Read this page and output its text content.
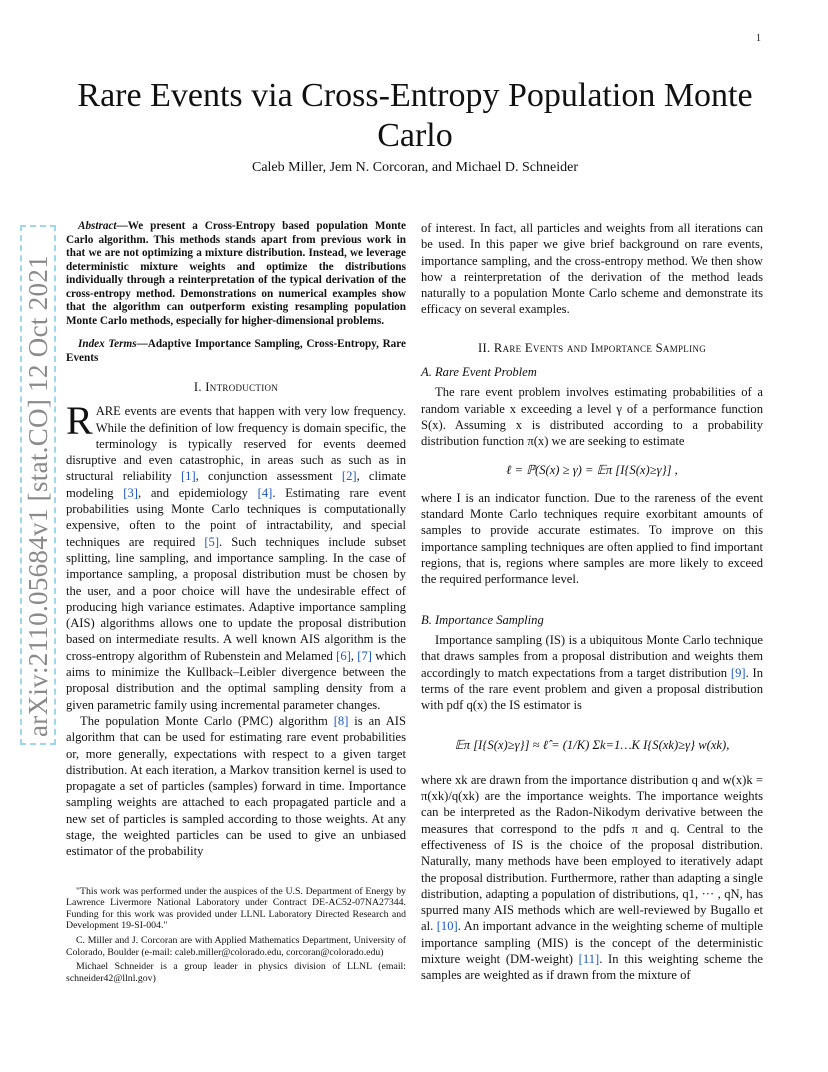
1
arXiv:2110.05684v1 [stat.CO] 12 Oct 2021
Rare Events via Cross-Entropy Population Monte Carlo
Caleb Miller, Jem N. Corcoran, and Michael D. Schneider

Abstract—We present a Cross-Entropy based population Monte Carlo algorithm. This methods stands apart from previous work in that we are not optimizing a mixture distribution. Instead, we leverage deterministic mixture weights and optimize the distributions individually through a reinterpretation of the typical derivation of the cross-entropy method. Demonstrations on numerical examples show that the algorithm can outperform existing resampling population Monte Carlo methods, especially for higher-dimensional problems.

Index Terms—Adaptive Importance Sampling, Cross-Entropy, Rare Events

I. Introduction

RARE events are events that happen with very low frequency. While the definition of low frequency is domain specific, the terminology is typically reserved for events deemed disruptive and even catastrophic, in areas such as such as in structural reliability [1], conjunction assessment [2], climate modeling [3], and epidemiology [4]. Estimating rare event probabilities using Monte Carlo techniques is computationally expensive, often to the point of intractability, and special techniques are required [5]. Such techniques include subset splitting, line sampling, and importance sampling. In the case of importance sampling, a proposal distribution must be chosen by the user, and a poor choice will have the undesirable effect of producing high variance estimates. Adaptive importance sampling (AIS) algorithms allows one to update the proposal distribution based on intermediate results. A well known AIS algorithm is the cross-entropy algorithm of Rubenstein and Melamed [6], [7] which aims to minimize the Kullback–Leibler divergence between the proposal distribution and the optimal sampling density from a given parametric family using incremental parameter changes.

The population Monte Carlo (PMC) algorithm [8] is an AIS algorithm that can be used for estimating rare event probabilities or, more generally, expectations with respect to a given target distribution. At each iteration, a Markov transition kernel is used to propagate a set of particles (samples) forward in time. Importance sampling weights are attached to each propagated particle and a new set of particles is sampled according to those weights. At any stage, the weighted particles can be used to give an unbiased estimator of the probability

"This work was performed under the auspices of the U.S. Department of Energy by Lawrence Livermore National Laboratory under Contract DE-AC52-07NA27344. Funding for this work was provided under LLNL Laboratory Directed Research and Development 19-SI-004."

C. Miller and J. Corcoran are with Applied Mathematics Department, University of Colorado, Boulder (e-mail: caleb.miller@colorado.edu, corcoran@colorado.edu)

Michael Schneider is a group leader in physics division of LLNL (email: schneider42@llnl.gov)

of interest. In fact, all particles and weights from all iterations can be used. In this paper we give brief background on rare events, importance sampling, and the cross-entropy method. We then show how a reinterpretation of the derivation of the method leads naturally to a population Monte Carlo scheme and demonstrate its efficacy on several examples.

II. Rare Events and Importance Sampling
A. Rare Event Problem

The rare event problem involves estimating probabilities of a random variable x exceeding a level γ of a performance function S(x). Assuming x is distributed according to a probability distribution function π(x) we are seeking to estimate

ℓ = ℙ(S(x) ≥ γ) = 𝔼π [I{S(x)≥γ}] ,

where I is an indicator function. Due to the rareness of the event standard Monte Carlo techniques require exorbitant amounts of samples to provide accurate estimates. To improve on this importance sampling techniques are often applied to find important regions, that is, regions where samples are more likely to exceed the required performance level.

B. Importance Sampling

Importance sampling (IS) is a ubiquitous Monte Carlo technique that draws samples from a proposal distribution and weights them accordingly to match expectations from a target distribution [9]. In terms of the rare event problem and given a proposal distribution with pdf q(x) the IS estimator is

𝔼π [I{S(x)≥γ}] ≈ ℓ̂ = (1/K) Σk=1…K I{S(xk)≥γ} w(xk),

where xk are drawn from the importance distribution q and w(x)k = π(xk)/q(xk) are the importance weights. The importance weights can be interpreted as the Radon-Nikodym derivative between the measures that correspond to the pdfs π and q. Central to the effectiveness of IS is the choice of the proposal distribution. Naturally, many methods have been employed to iteratively adapt the proposal distribution. Furthermore, rather than adapting a single distribution, adapting a population of distributions, q1, ··· , qN, has spurred many AIS methods which are well-reviewed by Bugallo et al. [10]. An important advance in the weighting scheme of multiple importance sampling (MIS) is the concept of the deterministic mixture weight (DM-weight) [11]. In this weighting scheme the samples are weighted as if drawn from the mixture of
